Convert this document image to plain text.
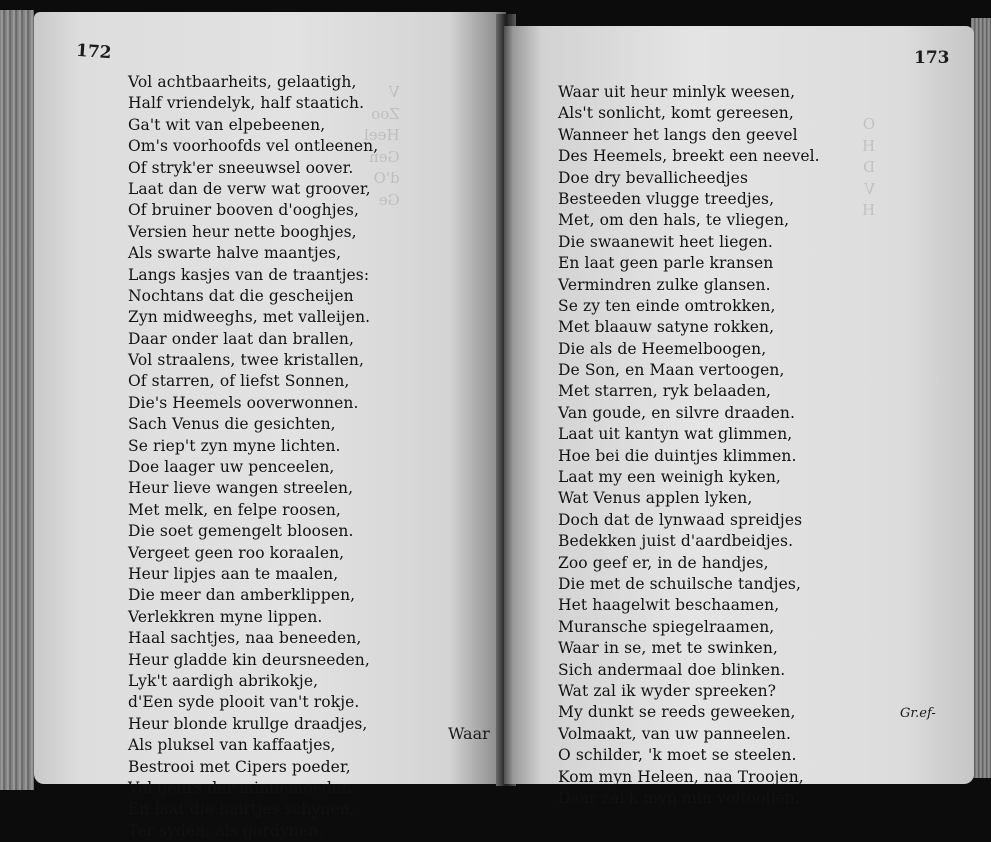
V
Zoo
Heel
Gen
d'O
Ge
172
Vol achtbaarheits, gelaatigh,
Half vriendelyk, half staatich.
Ga't wit van elpebeenen,
Om's voorhoofds vel ontleenen,
Of stryk'er sneeuwsel oover.
Laat dan de verw wat groover,
Of bruiner booven d'ooghjes,
Versien heur nette booghjes,
Als swarte halve maantjes,
Langs kasjes van de traantjes:
Nochtans dat die gescheijen
Zyn midweeghs, met valleijen.
Daar onder laat dan brallen,
Vol straalens, twee kristallen,
Of starren, of liefst Sonnen,
Die's Heemels ooverwonnen.
Sach Venus die gesichten,
Se riep't zyn myne lichten.
Doe laager uw penceelen,
Heur lieve wangen streelen,
Met melk, en felpe roosen,
Die soet gemengelt bloosen.
Vergeet geen roo koraalen,
Heur lipjes aan te maalen,
Die meer dan amberklippen,
Verlekkren myne lippen.
Haal sachtjes, naa beneeden,
Heur gladde kin deursneeden,
Lyk't aardigh abrikokje,
d'Een syde plooit van't rokje.
Heur blonde krullge draadjes,
Als pluksel van kaffaatjes,
Bestrooi met Cipers poeder,
Vol geurs der minnemoeder.
En laat die hairtjes schynen,
Ter syden, als gordynen.
Waar
O
H
D
V
H
173
Waar uit heur minlyk weesen,
Als't sonlicht, komt gereesen,
Wanneer het langs den geevel
Des Heemels, breekt een neevel.
Doe dry bevallicheedjes
Besteeden vlugge treedjes,
Met, om den hals, te vliegen,
Die swaanewit heet liegen.
En laat geen parle kransen
Vermindren zulke glansen.
Se zy ten einde omtrokken,
Met blaauw satyne rokken,
Die als de Heemelboogen,
De Son, en Maan vertoogen,
Met starren, ryk belaaden,
Van goude, en silvre draaden.
Laat uit kantyn wat glimmen,
Hoe bei die duintjes klimmen.
Laat my een weinigh kyken,
Wat Venus applen lyken,
Doch dat de lynwaad spreidjes
Bedekken juist d'aardbeidjes.
Zoo geef er, in de handjes,
Die met de schuilsche tandjes,
Het haagelwit beschaamen,
Muransche spiegelraamen,
Waar in se, met te swinken,
Sich andermaal doe blinken.
Wat zal ik wyder spreeken?
My dunkt se reeds geweeken,
Volmaakt, van uw panneelen.
O schilder, 'k moet se steelen.
Kom myn Heleen, naa Troojen,
Daar zal'k myn min voltooijen.
Gr.ef-
